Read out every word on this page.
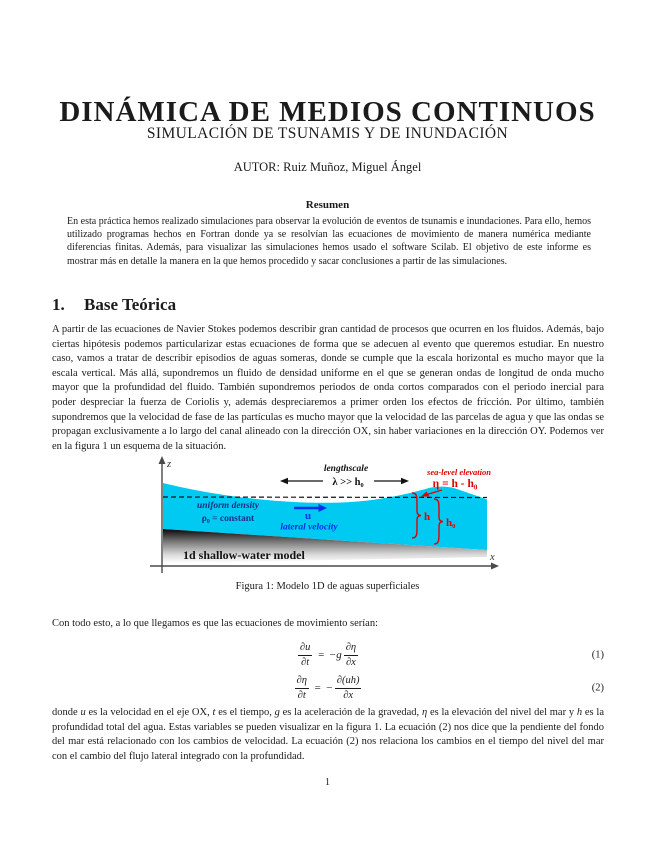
DINÁMICA DE MEDIOS CONTINUOS
SIMULACIÓN DE TSUNAMIS Y DE INUNDACIÓN
AUTOR: Ruiz Muñoz, Miguel Ángel
Resumen

En esta práctica hemos realizado simulaciones para observar la evolución de eventos de tsunamis e inundaciones. Para ello, hemos utilizado programas hechos en Fortran donde ya se resolvían las ecuaciones de movimiento de manera numérica mediante diferencias finitas. Además, para visualizar las simulaciones hemos usado el software Scilab. El objetivo de este informe es mostrar más en detalle la manera en la que hemos procedido y sacar conclusiones a partir de las simulaciones.

1. Base Teórica

A partir de las ecuaciones de Navier Stokes podemos describir gran cantidad de procesos que ocurren en los fluidos. Además, bajo ciertas hipótesis podemos particularizar estas ecuaciones de forma que se adecuen al evento que queremos estudiar. En nuestro caso, vamos a tratar de describir episodios de aguas someras, donde se cumple que la escala horizontal es mucho mayor que la escala vertical. Más allá, supondremos un fluido de densidad uniforme en el que se generan ondas de longitud de onda mucho mayor que la profundidad del fluido. También supondremos periodos de onda cortos comparados con el periodo inercial para poder despreciar la fuerza de Coriolis y, además despreciaremos a primer orden los efectos de fricción. Por último, también supondremos que la velocidad de fase de las partículas es mucho mayor que la velocidad de las parcelas de agua y que las ondas se propagan exclusivamente a lo largo del canal alineado con la dirección OX, sin haber variaciones en la dirección OY. Podemos ver en la figura 1 un esquema de la situación.

z
x
lengthscale
λ >> h₀
sea-level elevation
η = h - h₀
h h₀
uniform density
ρ₀ = constant	u
lateral velocity
1d shallow-water model
Figura 1: Modelo 1D de aguas superficiales

Con todo esto, a lo que llegamos es que las ecuaciones de movimiento serían:

$\frac{\partial u}{\partial t} = -g \frac{\partial\eta}{\partial x}$	(1)
$\frac{\partial\eta}{\partial t}$ = − $\frac{\partial(uh)}{\partial x}$	(2)

donde u es la velocidad en el eje OX, t es el tiempo, g es la aceleración de la gravedad, η es la elevación del nivel del mar y h es la profundidad total del agua. Estas variables se pueden visualizar en la figura 1. La ecuación (2) nos dice que la pendiente del fondo del mar está relacionado con los cambios de velocidad. La ecuación (2) nos relaciona los cambios en el tiempo del nivel del mar con el cambio del flujo lateral integrado con la profundidad.

1
